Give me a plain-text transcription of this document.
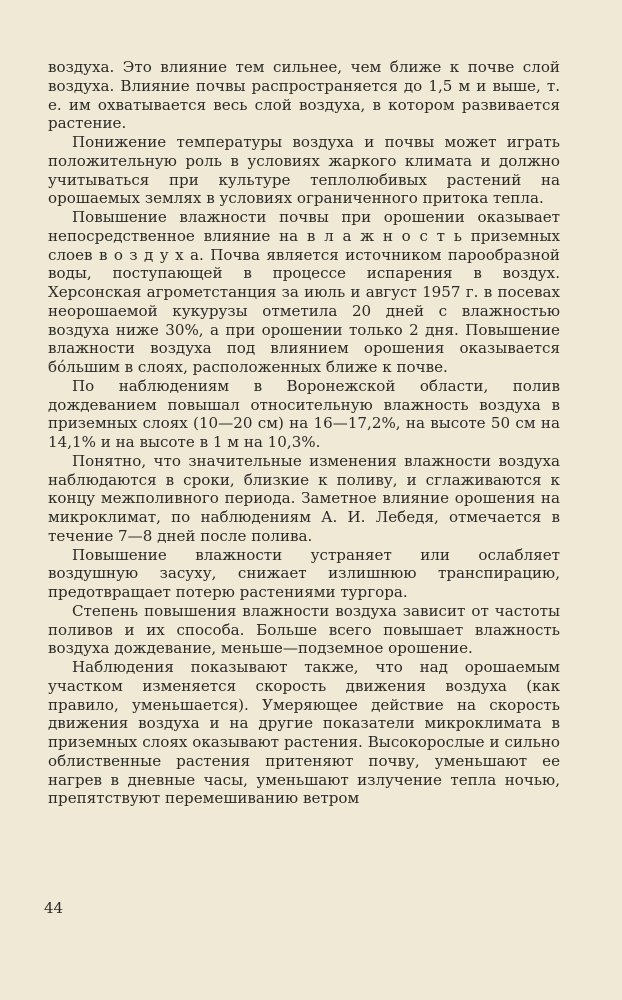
воздуха. Это влияние тем сильнее, чем ближе к почве слой воздуха. Влияние почвы распространяется до 1,5 м и выше, т. е. им охватывается весь слой воздуха, в котором развивается растение.

Понижение температуры воздуха и почвы может играть положительную роль в условиях жаркого климата и должно учитываться при культуре теплолюбивых растений на орошаемых землях в условиях ограниченного притока тепла.

Повышение влажности почвы при орошении оказывает непосредственное влияние на в л а ж н о с т ь приземных слоев в о з д у х а. Почва является источником парообразной воды, поступающей в процессе испарения в воздух. Херсонская агрометстанция за июль и август 1957 г. в посевах неорошаемой кукурузы отметила 20 дней с влажностью воздуха ниже 30%, а при орошении только 2 дня. Повышение влажности воздуха под влиянием орошения оказывается бо́льшим в слоях, расположенных ближе к почве.

По наблюдениям в Воронежской области, полив дождеванием повышал относительную влажность воздуха в приземных слоях (10—20 см) на 16—17,2%, на высоте 50 см на 14,1% и на высоте в 1 м на 10,3%.

Понятно, что значительные изменения влажности воздуха наблюдаются в сроки, близкие к поливу, и сглаживаются к концу межполивного периода. Заметное влияние орошения на микроклимат, по наблюдениям А. И. Лебедя, отмечается в течение 7—8 дней после полива.

Повышение влажности устраняет или ослабляет воздушную засуху, снижает излишнюю транспирацию, предотвращает потерю растениями тургора.

Степень повышения влажности воздуха зависит от частоты поливов и их способа. Больше всего повышает влажность воздуха дождевание, меньше—подземное орошение.

Наблюдения показывают также, что над орошаемым участком изменяется скорость движения воздуха (как правило, уменьшается). Умеряющее действие на скорость движения воздуха и на другие показатели микроклимата в приземных слоях оказывают растения. Высокорослые и сильно облиственные растения притеняют почву, уменьшают ее нагрев в дневные часы, уменьшают излучение тепла ночью, препятствуют перемешиванию ветром

44
